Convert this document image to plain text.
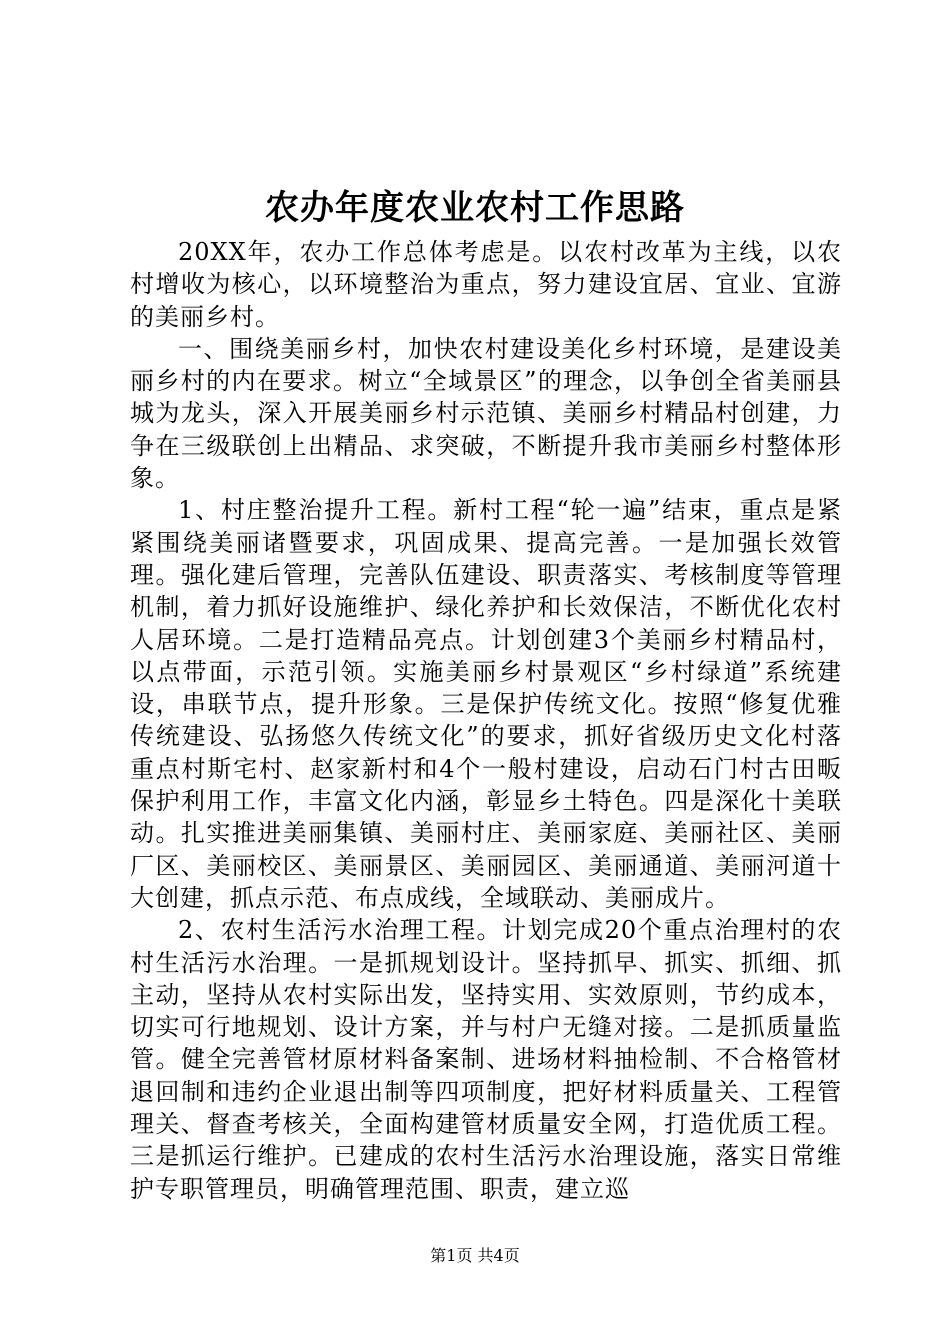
农办年度农业农村工作思路

20XX年，农办工作总体考虑是。以农村改革为主线，以农村增收为核心，以环境整治为重点，努力建设宜居、宜业、宜游的美丽乡村。

一、围绕美丽乡村，加快农村建设美化乡村环境，是建设美丽乡村的内在要求。树立“全域景区”的理念，以争创全省美丽县城为龙头，深入开展美丽乡村示范镇、美丽乡村精品村创建，力争在三级联创上出精品、求突破，不断提升我市美丽乡村整体形象。

1、村庄整治提升工程。新村工程“轮一遍”结束，重点是紧紧围绕美丽诸暨要求，巩固成果、提高完善。一是加强长效管理。强化建后管理，完善队伍建设、职责落实、考核制度等管理机制，着力抓好设施维护、绿化养护和长效保洁，不断优化农村人居环境。二是打造精品亮点。计划创建3个美丽乡村精品村，以点带面，示范引领。实施美丽乡村景观区“乡村绿道”系统建设，串联节点，提升形象。三是保护传统文化。按照“修复优雅传统建设、弘扬悠久传统文化”的要求，抓好省级历史文化村落重点村斯宅村、赵家新村和4个一般村建设，启动石门村古田畈保护利用工作，丰富文化内涵，彰显乡土特色。四是深化十美联动。扎实推进美丽集镇、美丽村庄、美丽家庭、美丽社区、美丽厂区、美丽校区、美丽景区、美丽园区、美丽通道、美丽河道十大创建，抓点示范、布点成线，全域联动、美丽成片。

2、农村生活污水治理工程。计划完成20个重点治理村的农村生活污水治理。一是抓规划设计。坚持抓早、抓实、抓细、抓主动，坚持从农村实际出发，坚持实用、实效原则，节约成本，切实可行地规划、设计方案，并与村户无缝对接。二是抓质量监管。健全完善管材原材料备案制、进场材料抽检制、不合格管材退回制和违约企业退出制等四项制度，把好材料质量关、工程管理关、督查考核关，全面构建管材质量安全网，打造优质工程。三是抓运行维护。已建成的农村生活污水治理设施，落实日常维护专职管理员，明确管理范围、职责，建立巡

第1页 共4页
